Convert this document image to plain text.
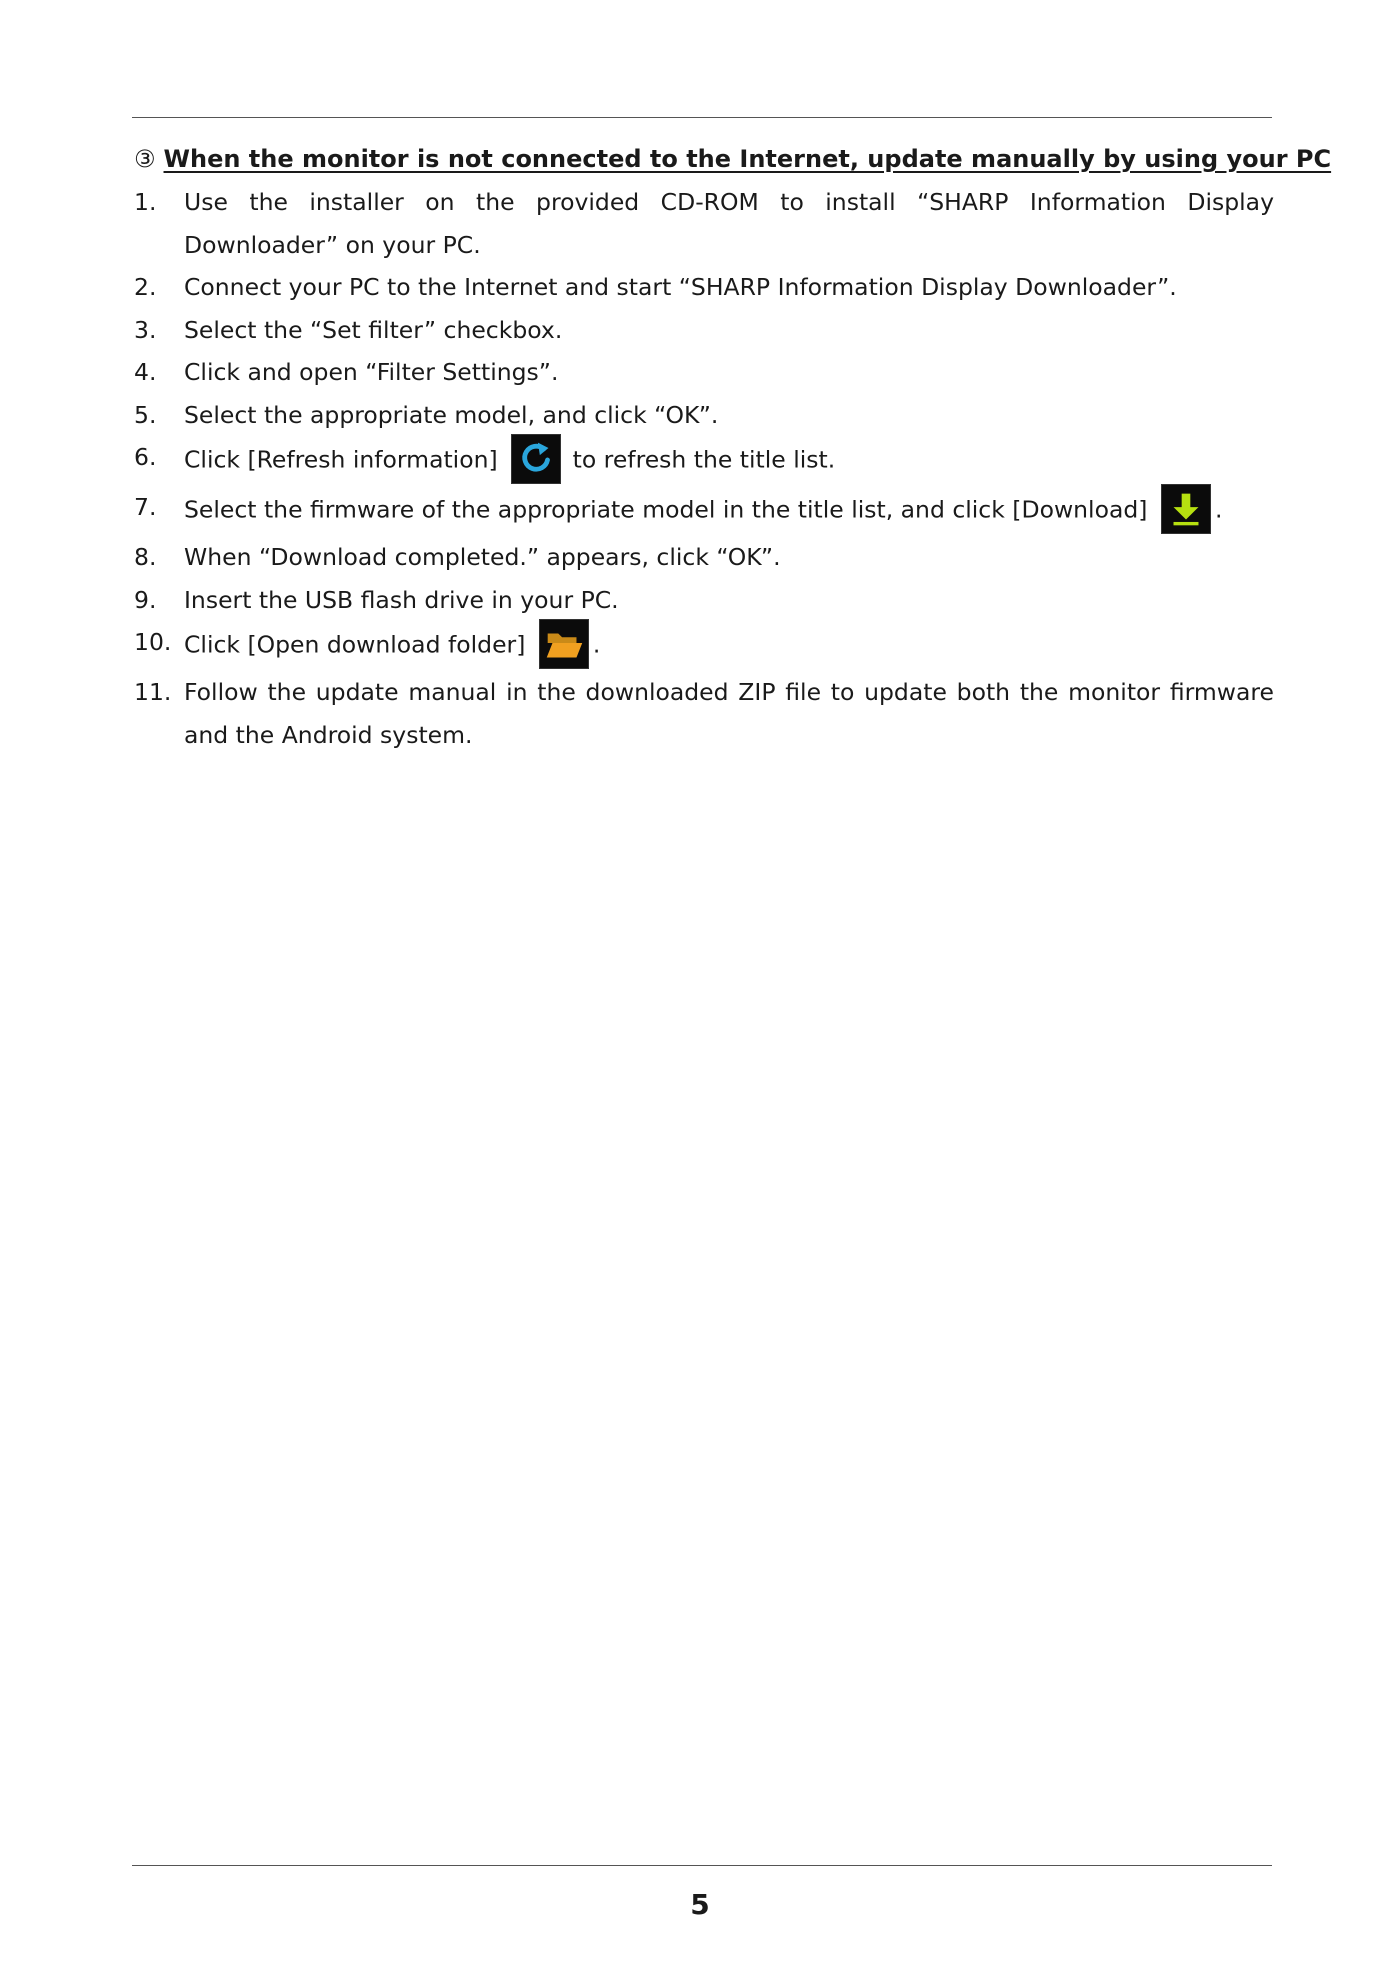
③ When the monitor is not connected to the Internet, update manually by using your PC
1.	Use the installer on the provided CD-ROM to install “SHARP Information Display Downloader” on your PC.
2.	Connect your PC to the Internet and start “SHARP Information Display Downloader”.
3.	Select the “Set filter” checkbox.
4.	Click and open “Filter Settings”.
5.	Select the appropriate model, and click “OK”.
6.	Click [Refresh information]	to refresh the title list.
7.	Select the firmware of the appropriate model in the title list, and click [Download]	.
8.	When “Download completed.” appears, click “OK”.
9.	Insert the USB flash drive in your PC.
10. Click [Open download folder]	.
11. Follow the update manual in the downloaded ZIP file to update both the monitor firmware and the Android system.
5
